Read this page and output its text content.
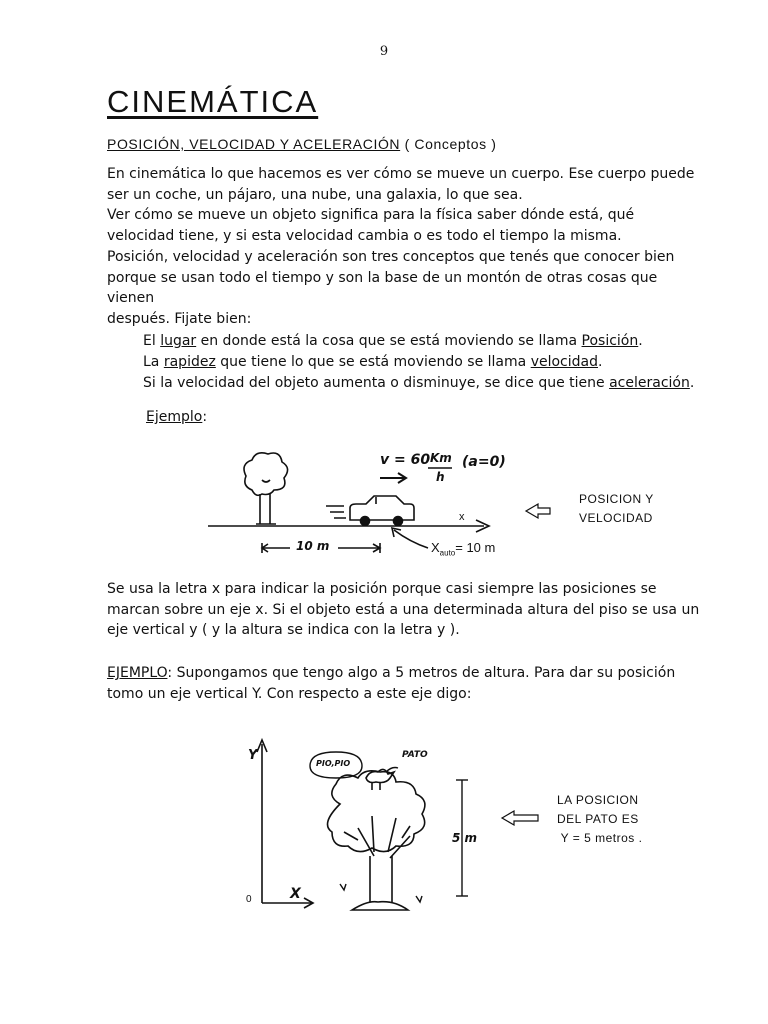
9
CINEMÁTICA
POSICIÓN, VELOCIDAD Y ACELERACIÓN ( Conceptos )
En cinemática lo que hacemos es ver cómo se mueve un cuerpo. Ese cuerpo puede
ser un coche, un pájaro, una nube, una galaxia, lo que sea.
Ver cómo se mueve un objeto significa para la física saber dónde está, qué
velocidad tiene, y si esta velocidad cambia o es todo el tiempo la misma.
Posición, velocidad y aceleración son tres conceptos que tenés que conocer bien
porque se usan todo el tiempo y son la base de un montón de otras cosas que vienen
después. Fijate bien:
El lugar en donde está la cosa que se está moviendo se llama Posición.
La rapidez que tiene lo que se está moviendo se llama velocidad.
Si la velocidad del objeto aumenta o disminuye, se dice que tiene aceleración.
Ejemplo:
v = 60 Km
h
(a=0)
x
10 m	$X_{auto}= 10$ m
POSICION Y
VELOCIDAD
Se usa la letra x para indicar la posición porque casi siempre las posiciones se
marcan sobre un eje x. Si el objeto está a una determinada altura del piso se usa un
eje vertical y ( y la altura se indica con la letra y ).
EJEMPLO: Supongamos que tengo algo a 5 metros de altura. Para dar su posición
tomo un eje vertical Y. Con respecto a este eje digo:
Y
X
0
PIO,PIO
PATO
5 m
LA POSICION
DEL PATO ES
Y = 5 metros .
